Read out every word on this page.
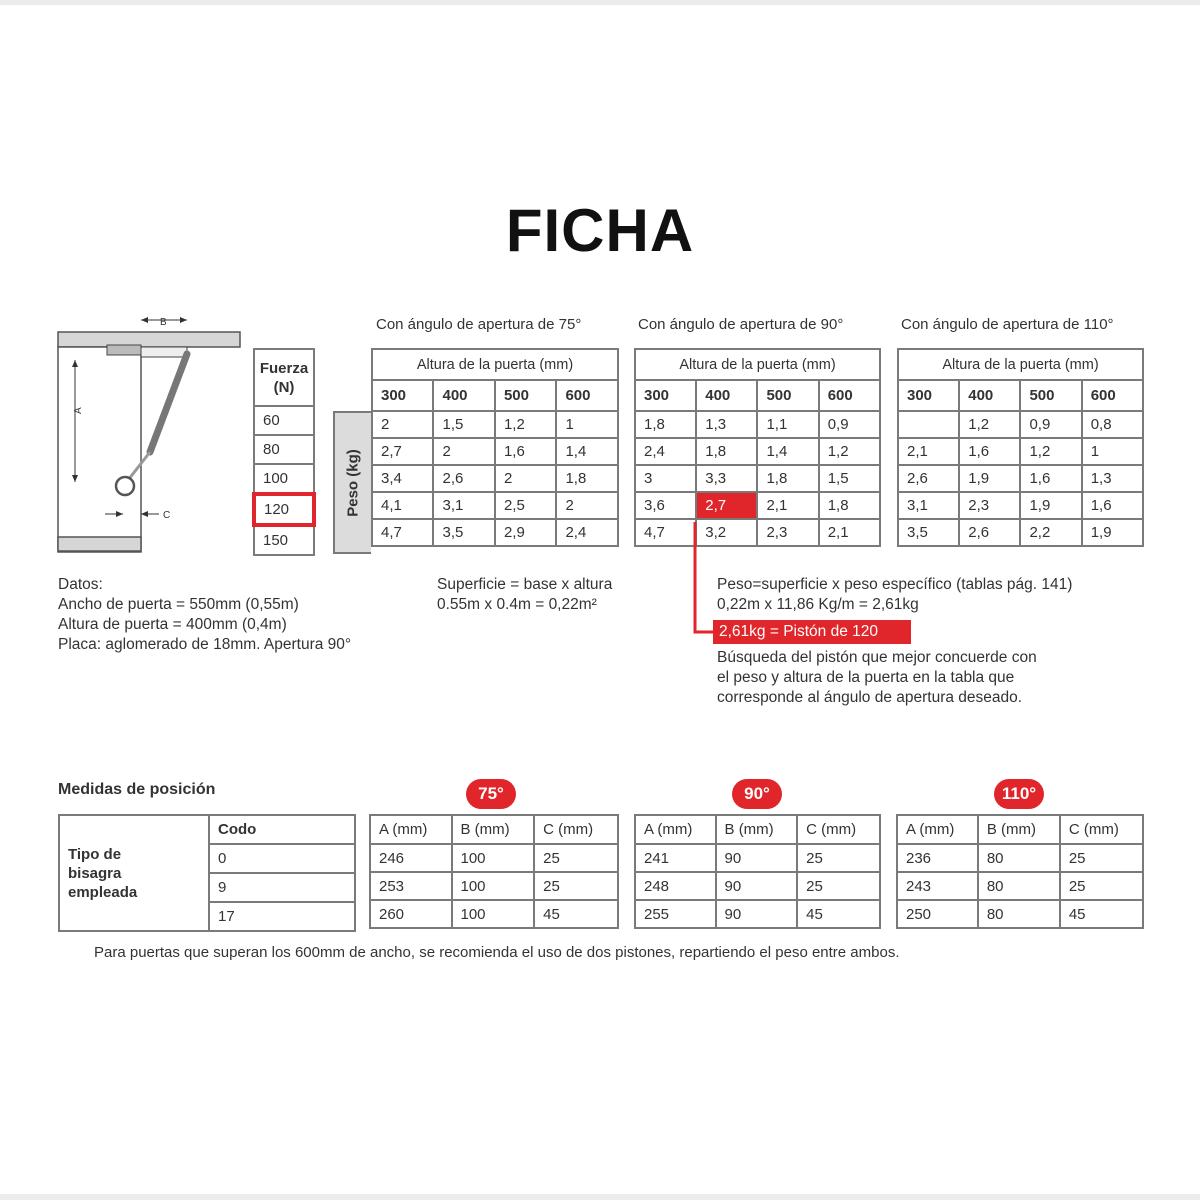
FICHA
B
A
C
Fuerza
(N)

60
80
100
120
150
Peso (kg)
Con ángulo de apertura de 75°	Con ángulo de apertura de 90°	Con ángulo de apertura de 110°
Altura de la puerta (mm)			
300	400	500	600
2	1,5	1,2	1
2,7	2	1,6	1,4
3,4	2,6	2	1,8
4,1	3,1	2,5	2
4,7	3,5	2,9	2,4
Altura de la puerta (mm)			
300	400	500	600
1,8	1,3	1,1	0,9
2,4	1,8	1,4	1,2
3	3,3	1,8	1,5
3,6	2,7	2,1	1,8
4,7	3,2	2,3	2,1
Altura de la puerta (mm)			
300	400	500	600
	1,2	0,9	0,8
2,1	1,6	1,2	1
2,6	1,9	1,6	1,3
3,1	2,3	1,9	1,6
3,5	2,6	2,2	1,9
Datos:
Ancho de puerta = 550mm (0,55m)
Altura de puerta = 400mm (0,4m)
Placa: aglomerado de 18mm. Apertura 90°
Superficie = base x altura
0.55m x 0.4m = 0,22m²
Peso=superficie x peso específico (tablas pág. 141)
0,22m x 11,86 Kg/m = 2,61kg
2,61kg = Pistón de 120
Búsqueda del pistón que mejor concuerde con
el peso y altura de la puerta en la tabla que
corresponde al ángulo de apertura deseado.
Medidas de posición	75°	90°	110°
Tipo de
bisagra
empleada
	Codo
0
9
17
A (mm)	B (mm)	C (mm)
246	100	25
253	100	25
260	100	45
A (mm)	B (mm)	C (mm)
241	90	25
248	90	25
255	90	45
A (mm)	B (mm)	C (mm)
236	80	25
243	80	25
250	80	45
Para puertas que superan los 600mm de ancho, se recomienda el uso de dos pistones, repartiendo el peso entre ambos.
